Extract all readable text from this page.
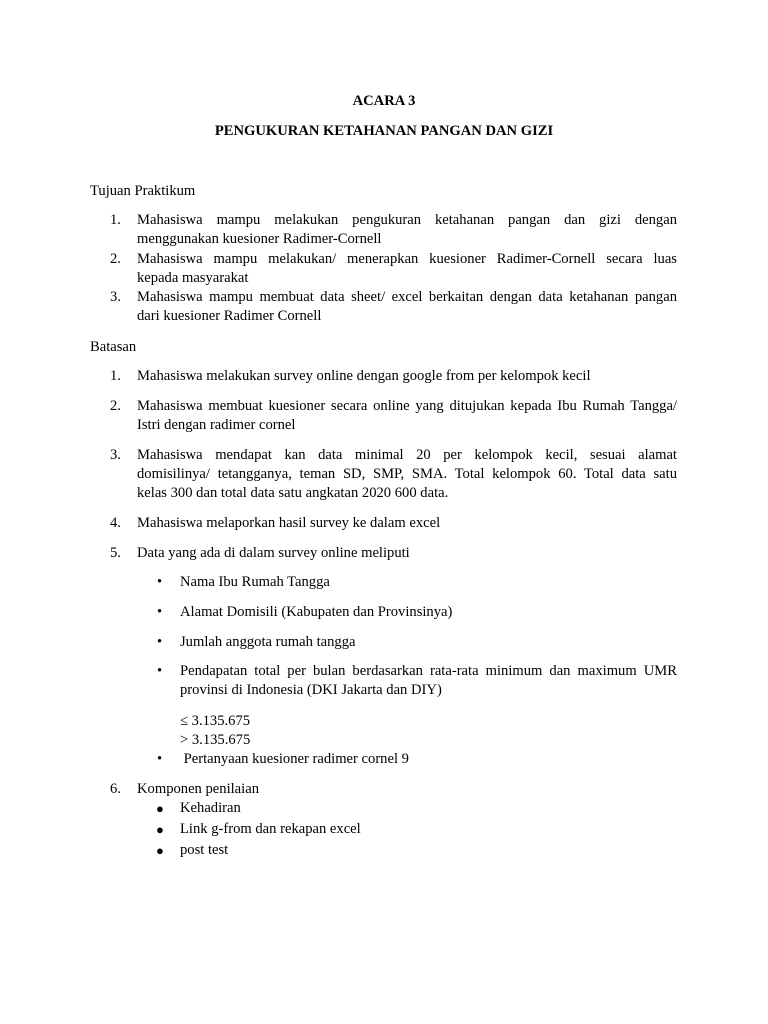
ACARA 3
PENGUKURAN KETAHANAN PANGAN DAN GIZI
Tujuan Praktikum
1. Mahasiswa mampu melakukan pengukuran ketahanan pangan dan gizi dengan
menggunakan kuesioner Radimer-Cornell
2. Mahasiswa mampu melakukan/ menerapkan kuesioner Radimer-Cornell secara luas
kepada masyarakat
3. Mahasiswa mampu membuat data sheet/ excel berkaitan dengan data ketahanan pangan
dari kuesioner Radimer Cornell
Batasan
1. Mahasiswa melakukan survey online dengan google from per kelompok kecil
2. Mahasiswa membuat kuesioner secara online yang ditujukan kepada Ibu Rumah Tangga/
Istri dengan radimer cornel
3. Mahasiswa mendapat kan data minimal 20 per kelompok kecil, sesuai alamat
domisilinya/ tetangganya, teman SD, SMP, SMA. Total kelompok 60. Total data satu
kelas 300 dan total data satu angkatan 2020 600 data.
4. Mahasiswa melaporkan hasil survey ke dalam excel
5. Data yang ada di dalam survey online meliputi
• Nama Ibu Rumah Tangga
• Alamat Domisili (Kabupaten dan Provinsinya)
• Jumlah anggota rumah tangga
• Pendapatan total per bulan berdasarkan rata-rata minimum dan maximum UMR
provinsi di Indonesia (DKI Jakarta dan DIY)
≤ 3.135.675
> 3.135.675
• Pertanyaan kuesioner radimer cornel 9
6. Komponen penilaian
● Kehadiran
● Link g-from dan rekapan excel
● post test
